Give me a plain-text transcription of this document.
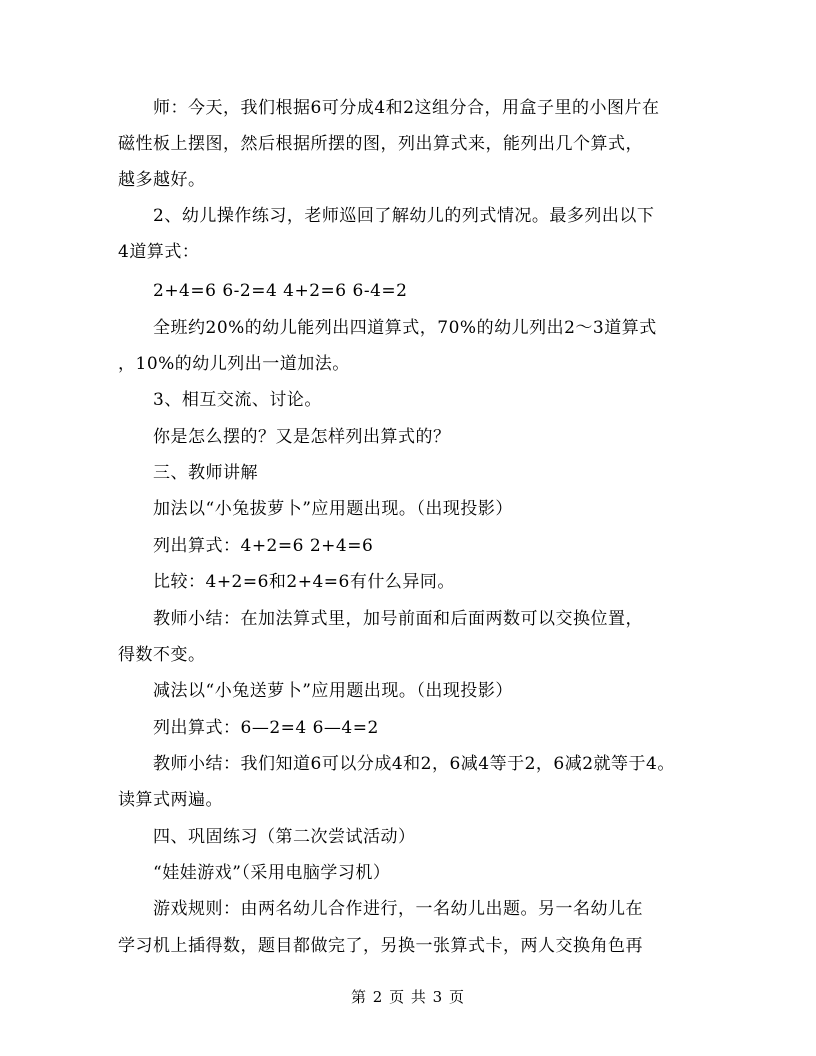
　　师：今天，我们根据6可分成4和2这组分合，用盒子里的小图片在
磁性板上摆图，然后根据所摆的图，列出算式来，能列出几个算式，
越多越好。
　　2、幼儿操作练习，老师巡回了解幼儿的列式情况。最多列出以下
4道算式：
　　2+4=6 6-2=4 4+2=6 6-4=2
　　全班约20%的幼儿能列出四道算式，70%的幼儿列出2～3道算式
，10%的幼儿列出一道加法。
　　3、相互交流、讨论。
　　你是怎么摆的？又是怎样列出算式的？
　　三、教师讲解
　　加法以“小兔拔萝卜”应用题出现。（出现投影）
　　列出算式：4+2=6 2+4=6
　　比较：4+2=6和2+4=6有什么异同。
　　教师小结：在加法算式里，加号前面和后面两数可以交换位置，
得数不变。
　　减法以“小兔送萝卜”应用题出现。（出现投影）
　　列出算式：6—2=4 6—4=2
　　教师小结：我们知道6可以分成4和2，6减4等于2，6减2就等于4。
读算式两遍。
　　四、巩固练习（第二次尝试活动）
　　“娃娃游戏”（采用电脑学习机）
　　游戏规则：由两名幼儿合作进行，一名幼儿出题。另一名幼儿在
学习机上插得数，题目都做完了，另换一张算式卡，两人交换角色再
第 2 页 共 3 页
